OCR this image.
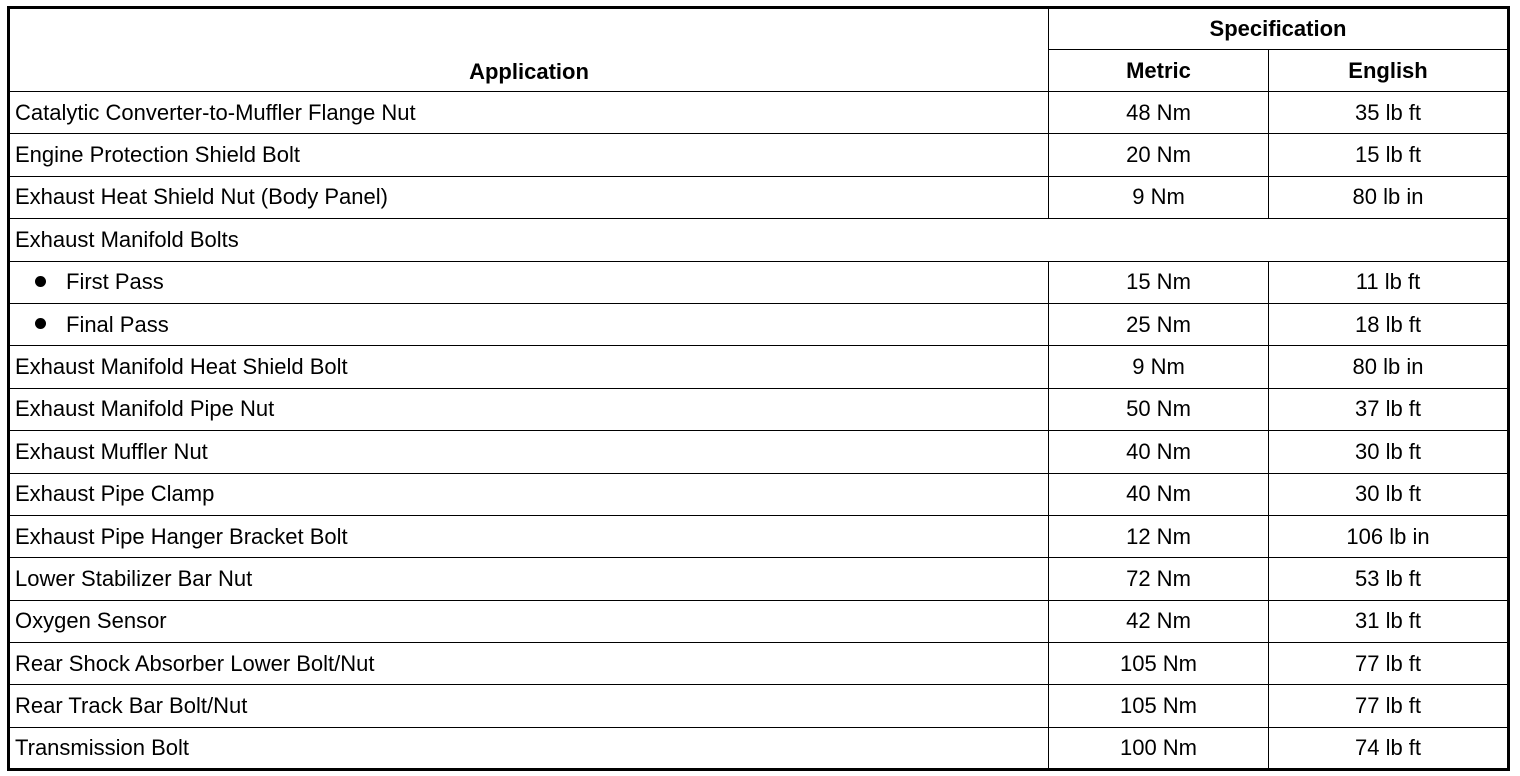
Application	Specification	
	Metric	English
Catalytic Converter-to-Muffler Flange Nut	48 Nm	35 lb ft
Engine Protection Shield Bolt	20 Nm	15 lb ft
Exhaust Heat Shield Nut (Body Panel)	9 Nm	80 lb in
Exhaust Manifold Bolts		
First Pass	15 Nm	11 lb ft
Final Pass	25 Nm	18 lb ft
Exhaust Manifold Heat Shield Bolt	9 Nm	80 lb in
Exhaust Manifold Pipe Nut	50 Nm	37 lb ft
Exhaust Muffler Nut	40 Nm	30 lb ft
Exhaust Pipe Clamp	40 Nm	30 lb ft
Exhaust Pipe Hanger Bracket Bolt	12 Nm	106 lb in
Lower Stabilizer Bar Nut	72 Nm	53 lb ft
Oxygen Sensor	42 Nm	31 lb ft
Rear Shock Absorber Lower Bolt/Nut	105 Nm	77 lb ft
Rear Track Bar Bolt/Nut	105 Nm	77 lb ft
Transmission Bolt	100 Nm	74 lb ft
